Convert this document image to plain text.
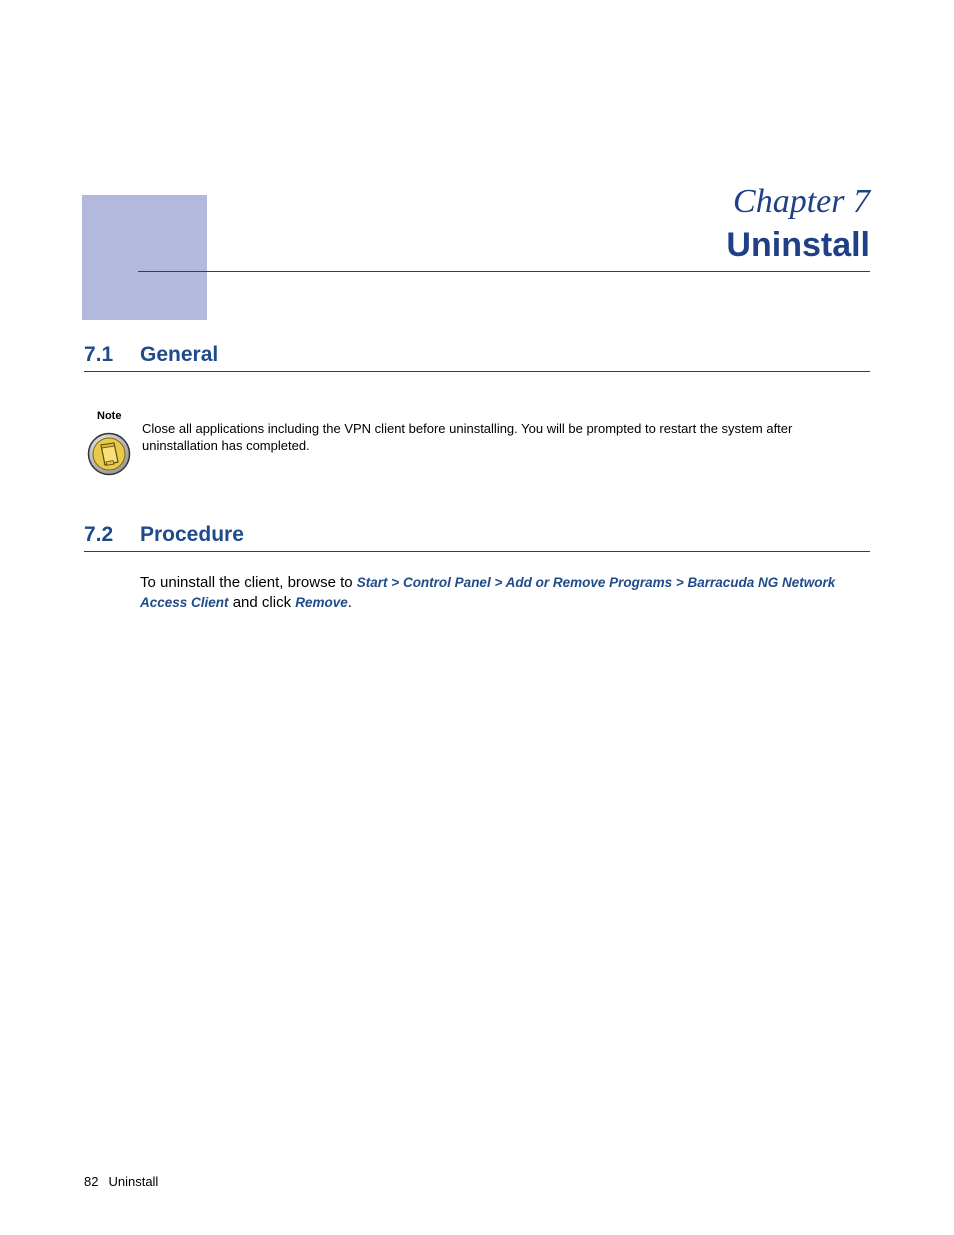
Chapter 7
Uninstall
7.1 General
Note
Close all applications including the VPN client before uninstalling. You will be prompted to restart the system after uninstallation has completed.
7.2 Procedure
To uninstall the client, browse to Start > Control Panel > Add or Remove Programs > Barracuda NG Network Access Client and click Remove.
82 Uninstall
